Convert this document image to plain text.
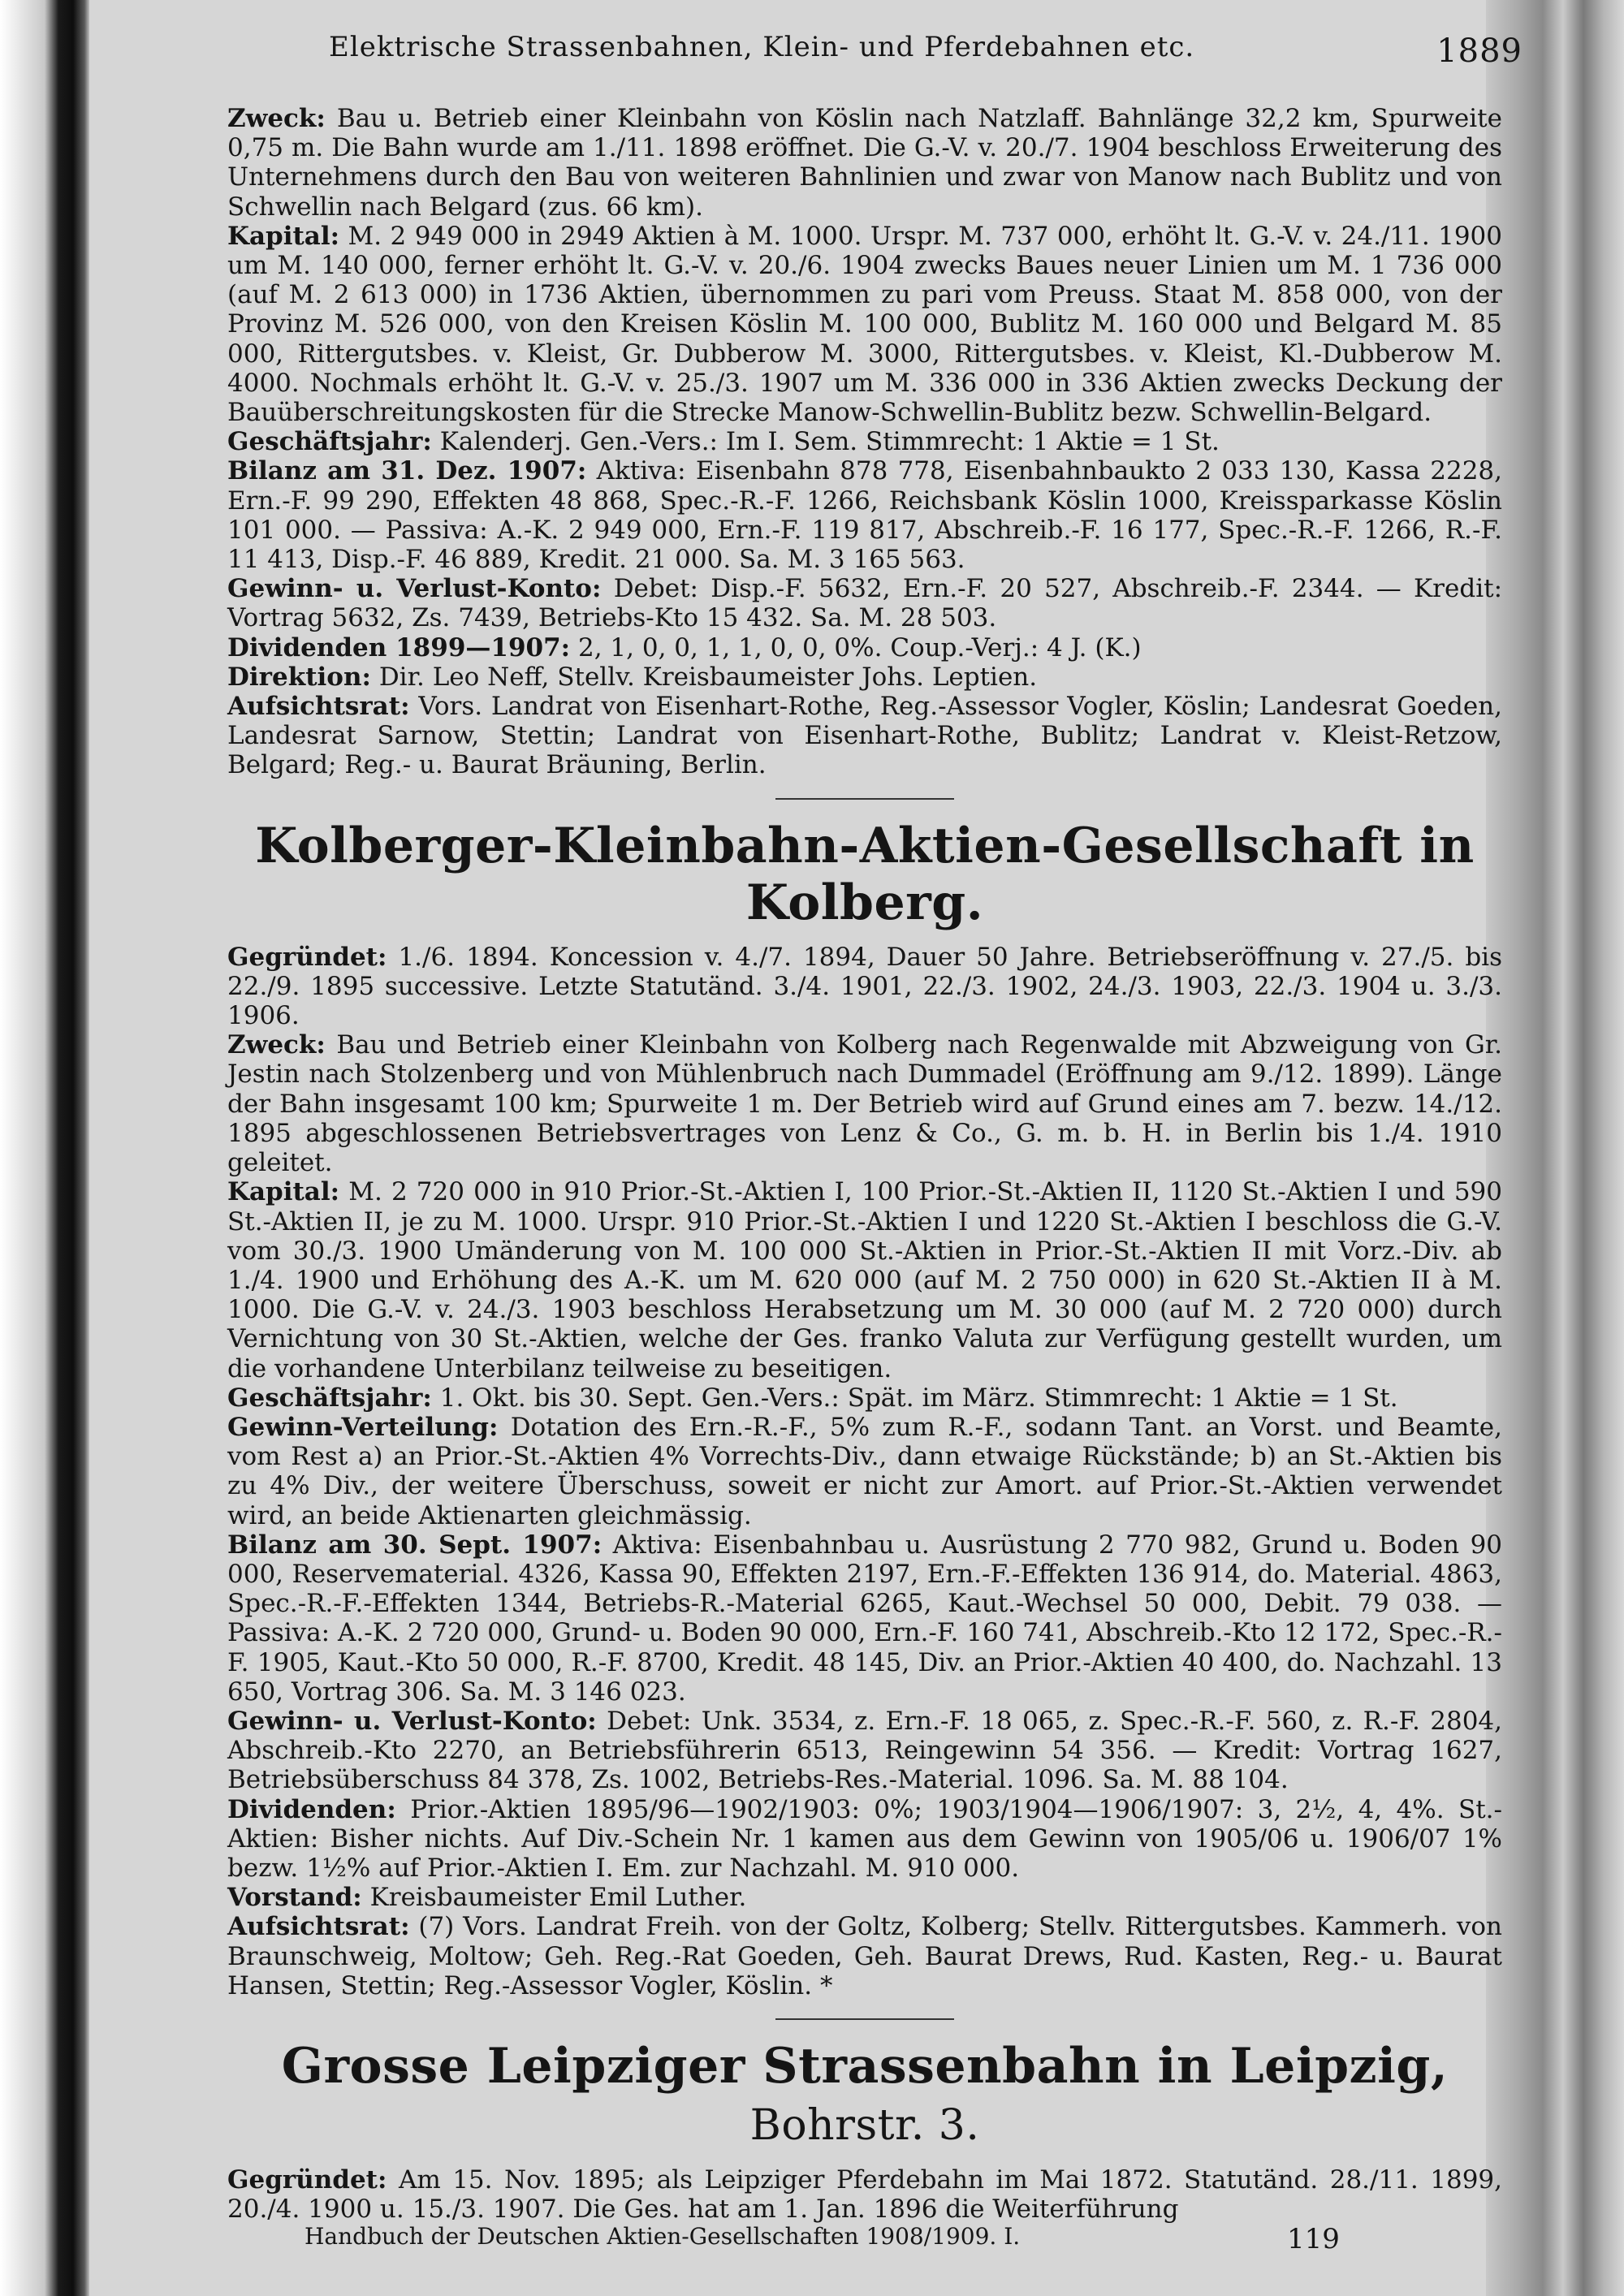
Elektrische Strassenbahnen, Klein- und Pferdebahnen etc.	1889

Zweck: Bau u. Betrieb einer Kleinbahn von Köslin nach Natzlaff. Bahnlänge 32,2 km, Spurweite 0,75 m. Die Bahn wurde am 1./11. 1898 eröffnet. Die G.-V. v. 20./7. 1904 beschloss Erweiterung des Unternehmens durch den Bau von weiteren Bahnlinien und zwar von Manow nach Bublitz und von Schwellin nach Belgard (zus. 66 km).

Kapital: M. 2 949 000 in 2949 Aktien à M. 1000. Urspr. M. 737 000, erhöht lt. G.-V. v. 24./11. 1900 um M. 140 000, ferner erhöht lt. G.-V. v. 20./6. 1904 zwecks Baues neuer Linien um M. 1 736 000 (auf M. 2 613 000) in 1736 Aktien, übernommen zu pari vom Preuss. Staat M. 858 000, von der Provinz M. 526 000, von den Kreisen Köslin M. 100 000, Bublitz M. 160 000 und Belgard M. 85 000, Rittergutsbes. v. Kleist, Gr. Dubberow M. 3000, Rittergutsbes. v. Kleist, Kl.-Dubberow M. 4000. Nochmals erhöht lt. G.-V. v. 25./3. 1907 um M. 336 000 in 336 Aktien zwecks Deckung der Bauüberschreitungskosten für die Strecke Manow-Schwellin-Bublitz bezw. Schwellin-Belgard.

Geschäftsjahr: Kalenderj. Gen.-Vers.: Im I. Sem. Stimmrecht: 1 Aktie = 1 St.

Bilanz am 31. Dez. 1907: Aktiva: Eisenbahn 878 778, Eisenbahnbaukto 2 033 130, Kassa 2228, Ern.-F. 99 290, Effekten 48 868, Spec.-R.-F. 1266, Reichsbank Köslin 1000, Kreissparkasse Köslin 101 000. — Passiva: A.-K. 2 949 000, Ern.-F. 119 817, Abschreib.-F. 16 177, Spec.-R.-F. 1266, R.-F. 11 413, Disp.-F. 46 889, Kredit. 21 000. Sa. M. 3 165 563.

Gewinn- u. Verlust-Konto: Debet: Disp.-F. 5632, Ern.-F. 20 527, Abschreib.-F. 2344. — Kredit: Vortrag 5632, Zs. 7439, Betriebs-Kto 15 432. Sa. M. 28 503.

Dividenden 1899—1907: 2, 1, 0, 0, 1, 1, 0, 0, 0%. Coup.-Verj.: 4 J. (K.)

Direktion: Dir. Leo Neff, Stellv. Kreisbaumeister Johs. Leptien.

Aufsichtsrat: Vors. Landrat von Eisenhart-Rothe, Reg.-Assessor Vogler, Köslin; Landesrat Goeden, Landesrat Sarnow, Stettin; Landrat von Eisenhart-Rothe, Bublitz; Landrat v. Kleist-Retzow, Belgard; Reg.- u. Baurat Bräuning, Berlin.

Kolberger-Kleinbahn-Aktien-Gesellschaft in Kolberg.

Gegründet: 1./6. 1894. Koncession v. 4./7. 1894, Dauer 50 Jahre. Betriebseröffnung v. 27./5. bis 22./9. 1895 successive. Letzte Statutänd. 3./4. 1901, 22./3. 1902, 24./3. 1903, 22./3. 1904 u. 3./3. 1906.

Zweck: Bau und Betrieb einer Kleinbahn von Kolberg nach Regenwalde mit Abzweigung von Gr. Jestin nach Stolzenberg und von Mühlenbruch nach Dummadel (Eröffnung am 9./12. 1899). Länge der Bahn insgesamt 100 km; Spurweite 1 m. Der Betrieb wird auf Grund eines am 7. bezw. 14./12. 1895 abgeschlossenen Betriebsvertrages von Lenz & Co., G. m. b. H. in Berlin bis 1./4. 1910 geleitet.

Kapital: M. 2 720 000 in 910 Prior.-St.-Aktien I, 100 Prior.-St.-Aktien II, 1120 St.-Aktien I und 590 St.-Aktien II, je zu M. 1000. Urspr. 910 Prior.-St.-Aktien I und 1220 St.-Aktien I beschloss die G.-V. vom 30./3. 1900 Umänderung von M. 100 000 St.-Aktien in Prior.-St.-Aktien II mit Vorz.-Div. ab 1./4. 1900 und Erhöhung des A.-K. um M. 620 000 (auf M. 2 750 000) in 620 St.-Aktien II à M. 1000. Die G.-V. v. 24./3. 1903 beschloss Herabsetzung um M. 30 000 (auf M. 2 720 000) durch Vernichtung von 30 St.-Aktien, welche der Ges. franko Valuta zur Verfügung gestellt wurden, um die vorhandene Unterbilanz teilweise zu beseitigen.

Geschäftsjahr: 1. Okt. bis 30. Sept. Gen.-Vers.: Spät. im März. Stimmrecht: 1 Aktie = 1 St.

Gewinn-Verteilung: Dotation des Ern.-R.-F., 5% zum R.-F., sodann Tant. an Vorst. und Beamte, vom Rest a) an Prior.-St.-Aktien 4% Vorrechts-Div., dann etwaige Rückstände; b) an St.-Aktien bis zu 4% Div., der weitere Überschuss, soweit er nicht zur Amort. auf Prior.-St.-Aktien verwendet wird, an beide Aktienarten gleichmässig.

Bilanz am 30. Sept. 1907: Aktiva: Eisenbahnbau u. Ausrüstung 2 770 982, Grund u. Boden 90 000, Reservematerial. 4326, Kassa 90, Effekten 2197, Ern.-F.-Effekten 136 914, do. Material. 4863, Spec.-R.-F.-Effekten 1344, Betriebs-R.-Material 6265, Kaut.-Wechsel 50 000, Debit. 79 038. — Passiva: A.-K. 2 720 000, Grund- u. Boden 90 000, Ern.-F. 160 741, Abschreib.-Kto 12 172, Spec.-R.-F. 1905, Kaut.-Kto 50 000, R.-F. 8700, Kredit. 48 145, Div. an Prior.-Aktien 40 400, do. Nachzahl. 13 650, Vortrag 306. Sa. M. 3 146 023.

Gewinn- u. Verlust-Konto: Debet: Unk. 3534, z. Ern.-F. 18 065, z. Spec.-R.-F. 560, z. R.-F. 2804, Abschreib.-Kto 2270, an Betriebsführerin 6513, Reingewinn 54 356. — Kredit: Vortrag 1627, Betriebsüberschuss 84 378, Zs. 1002, Betriebs-Res.-Material. 1096. Sa. M. 88 104.

Dividenden: Prior.-Aktien 1895/96—1902/1903: 0%; 1903/1904—1906/1907: 3, 2½, 4, 4%. St.-Aktien: Bisher nichts. Auf Div.-Schein Nr. 1 kamen aus dem Gewinn von 1905/06 u. 1906/07 1% bezw. 1½% auf Prior.-Aktien I. Em. zur Nachzahl. M. 910 000.

Vorstand: Kreisbaumeister Emil Luther.

Aufsichtsrat: (7) Vors. Landrat Freih. von der Goltz, Kolberg; Stellv. Rittergutsbes. Kammerh. von Braunschweig, Moltow; Geh. Reg.-Rat Goeden, Geh. Baurat Drews, Rud. Kasten, Reg.- u. Baurat Hansen, Stettin; Reg.-Assessor Vogler, Köslin. *

Grosse Leipziger Strassenbahn in Leipzig, Bohrstr. 3.

Gegründet: Am 15. Nov. 1895; als Leipziger Pferdebahn im Mai 1872. Statutänd. 28./11. 1899, 20./4. 1900 u. 15./3. 1907. Die Ges. hat am 1. Jan. 1896 die Weiterführung

Handbuch der Deutschen Aktien-Gesellschaften 1908/1909. I.	119
